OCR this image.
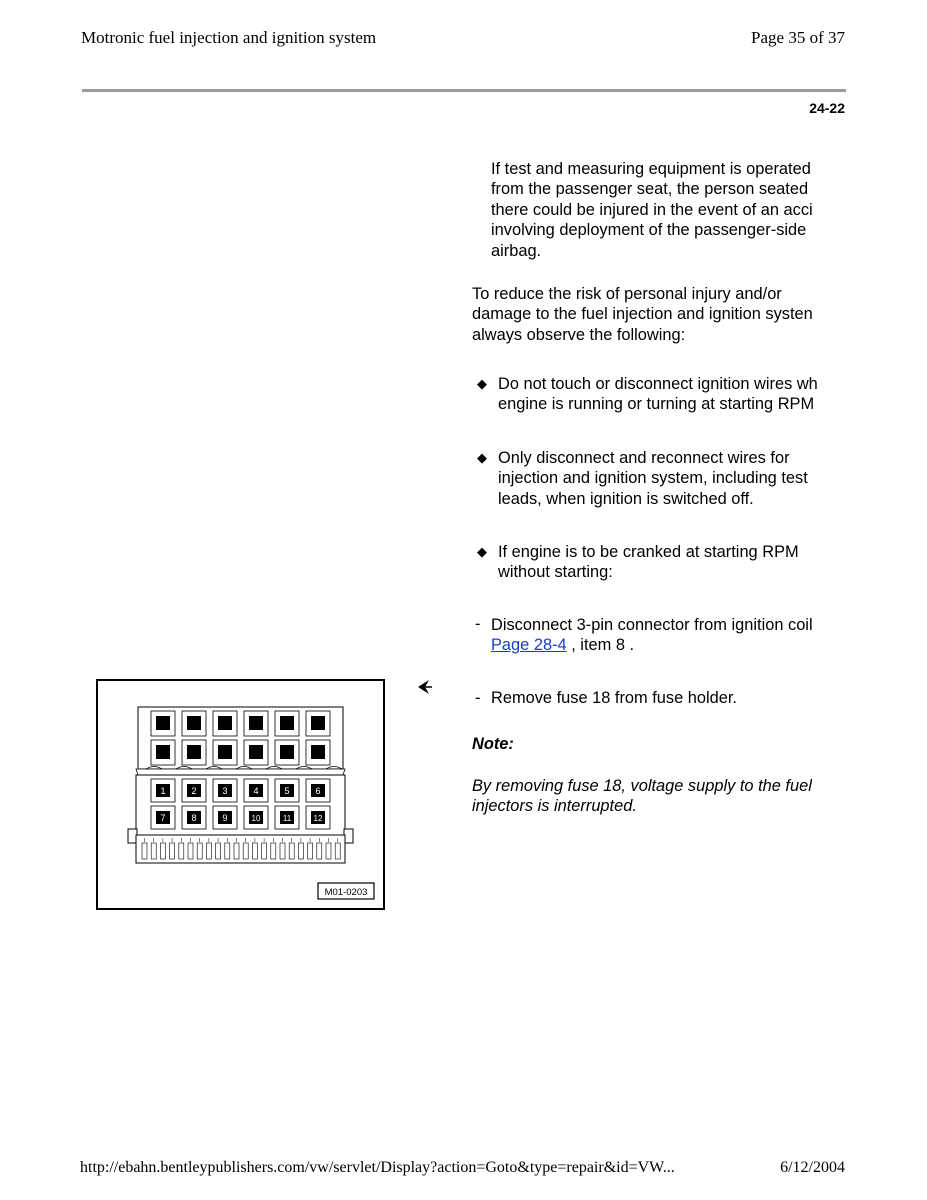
Motronic fuel injection and ignition system	Page 35 of 37
24-22
If test and measuring equipment is operated
from the passenger seat, the person seated
there could be injured in the event of an acci
involving deployment of the passenger-side
airbag.
To reduce the risk of personal injury and/or
damage to the fuel injection and ignition systen
always observe the following:
◆ Do not touch or disconnect ignition wires wh
engine is running or turning at starting RPM
◆ Only disconnect and reconnect wires for
injection and ignition system, including test
leads, when ignition is switched off.
◆ If engine is to be cranked at starting RPM
without starting:
- Disconnect 3-pin connector from ignition coil
Page 28-4 , item 8 .
- Remove fuse 18 from fuse holder.
Note:
By removing fuse 18, voltage supply to the fuel
injectors is interrupted.
1	2	3	4	5	6
7	8	9	10	11	12
M01-0203
http://ebahn.bentleypublishers.com/vw/servlet/Display?action=Goto&type=repair&id=VW...	6/12/2004
